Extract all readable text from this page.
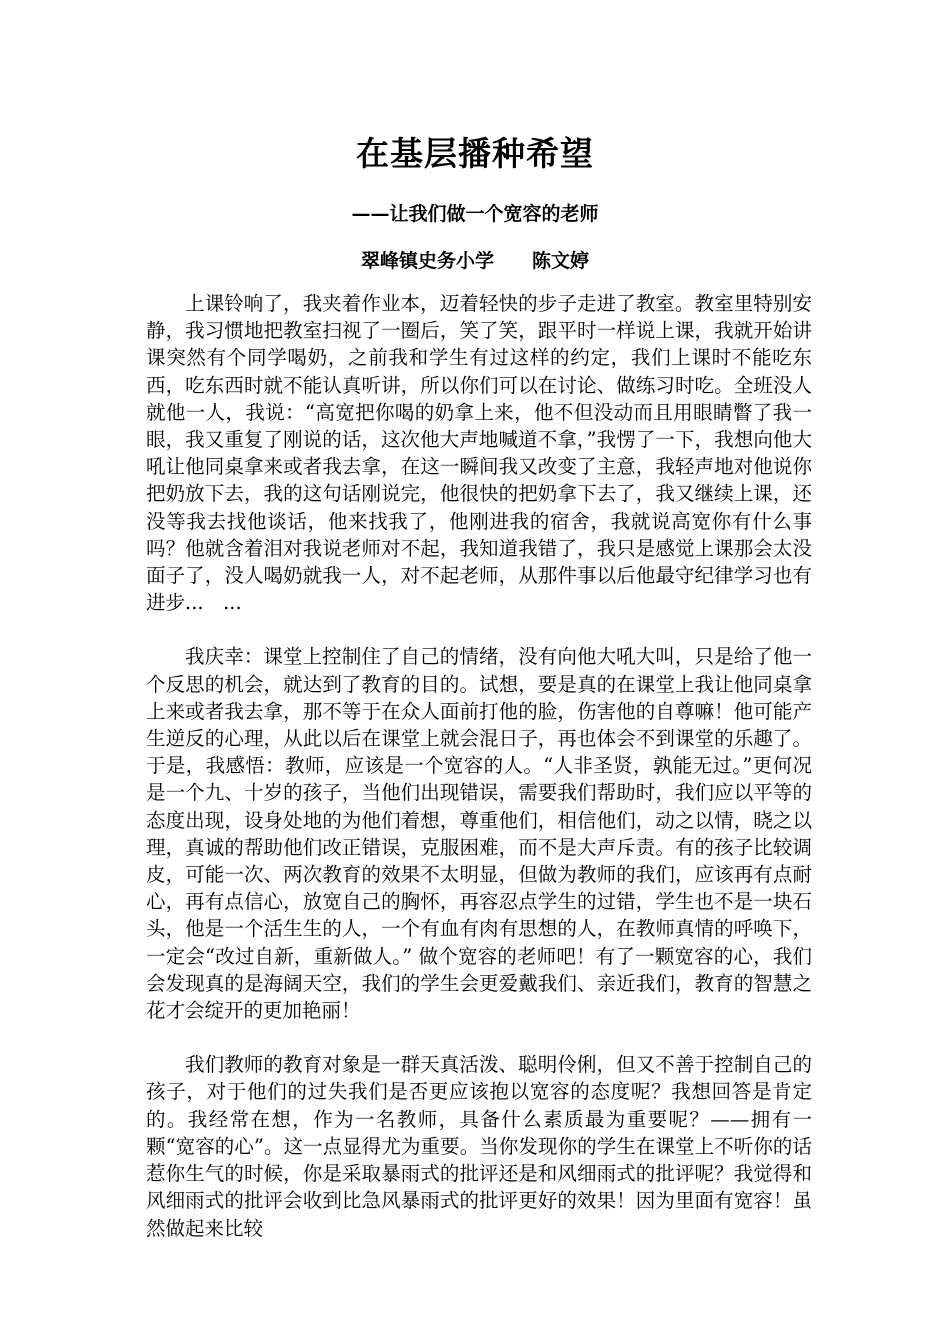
在基层播种希望

——让我们做一个宽容的老师

翠峰镇史务小学 陈文婷

上课铃响了，我夹着作业本，迈着轻快的步子走进了教室。教室里特别安静，我习惯地把教室扫视了一圈后，笑了笑，跟平时一样说上课，我就开始讲课突然有个同学喝奶，之前我和学生有过这样的约定，我们上课时不能吃东西，吃东西时就不能认真听讲，所以你们可以在讨论、做练习时吃。全班没人就他一人，我说：“高宽把你喝的奶拿上来，他不但没动而且用眼睛瞥了我一眼，我又重复了刚说的话，这次他大声地喊道不拿，”我愣了一下，我想向他大吼让他同桌拿来或者我去拿，在这一瞬间我又改变了主意，我轻声地对他说你把奶放下去，我的这句话刚说完，他很快的把奶拿下去了，我又继续上课，还没等我去找他谈话，他来找我了，他刚进我的宿舍，我就说高宽你有什么事吗？他就含着泪对我说老师对不起，我知道我错了，我只是感觉上课那会太没面子了，没人喝奶就我一人，对不起老师，从那件事以后他最守纪律学习也有进步...　...

我庆幸：课堂上控制住了自己的情绪，没有向他大吼大叫，只是给了他一个反思的机会，就达到了教育的目的。试想，要是真的在课堂上我让他同桌拿上来或者我去拿，那不等于在众人面前打他的脸，伤害他的自尊嘛！他可能产生逆反的心理，从此以后在课堂上就会混日子，再也体会不到课堂的乐趣了。于是，我感悟：教师，应该是一个宽容的人。“人非圣贤，孰能无过。”更何况是一个九、十岁的孩子，当他们出现错误，需要我们帮助时，我们应以平等的态度出现，设身处地的为他们着想，尊重他们，相信他们，动之以情，晓之以理，真诚的帮助他们改正错误，克服困难，而不是大声斥责。有的孩子比较调皮，可能一次、两次教育的效果不太明显，但做为教师的我们，应该再有点耐心，再有点信心，放宽自己的胸怀，再容忍点学生的过错，学生也不是一块石头，他是一个活生生的人，一个有血有肉有思想的人，在教师真情的呼唤下，一定会“改过自新，重新做人。” 做个宽容的老师吧！有了一颗宽容的心，我们会发现真的是海阔天空，我们的学生会更爱戴我们、亲近我们，教育的智慧之花才会绽开的更加艳丽！

我们教师的教育对象是一群天真活泼、聪明伶俐，但又不善于控制自己的孩子，对于他们的过失我们是否更应该抱以宽容的态度呢？我想回答是肯定的。我经常在想，作为一名教师，具备什么素质最为重要呢？——拥有一颗“宽容的心”。这一点显得尤为重要。当你发现你的学生在课堂上不听你的话惹你生气的时候，你是采取暴雨式的批评还是和风细雨式的批评呢？我觉得和风细雨式的批评会收到比急风暴雨式的批评更好的效果！因为里面有宽容！虽然做起来比较
